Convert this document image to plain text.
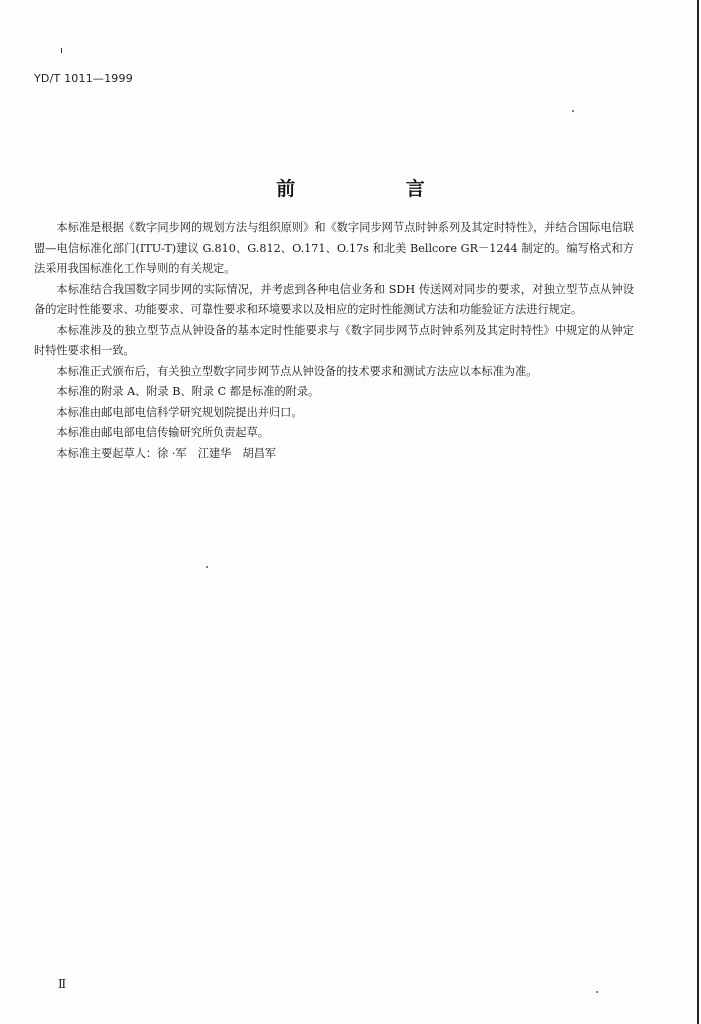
YD/T 1011—1999
前 言

本标准是根据《数字同步网的规划方法与组织原则》和《数字同步网节点时钟系列及其定时特性》，并结合国际电信联盟—电信标准化部门(ITU-T)建议 G.810、G.812、O.171、O.17s 和北美 Bellcore GR－1244 制定的。编写格式和方法采用我国标准化工作导则的有关规定。

本标准结合我国数字同步网的实际情况，并考虑到各种电信业务和 SDH 传送网对同步的要求，对独立型节点从钟设备的定时性能要求、功能要求、可靠性要求和环境要求以及相应的定时性能测试方法和功能验证方法进行规定。

本标准涉及的独立型节点从钟设备的基本定时性能要求与《数字同步网节点时钟系列及其定时特性》中规定的从钟定时特性要求相一致。

本标准正式颁布后，有关独立型数字同步网节点从钟设备的技术要求和测试方法应以本标准为准。

本标准的附录 A、附录 B、附录 C 都是标准的附录。

本标准由邮电部电信科学研究规划院提出并归口。

本标准由邮电部电信传输研究所负责起草。

本标准主要起草人：徐 ·军　江建华　胡昌军

Ⅱ
